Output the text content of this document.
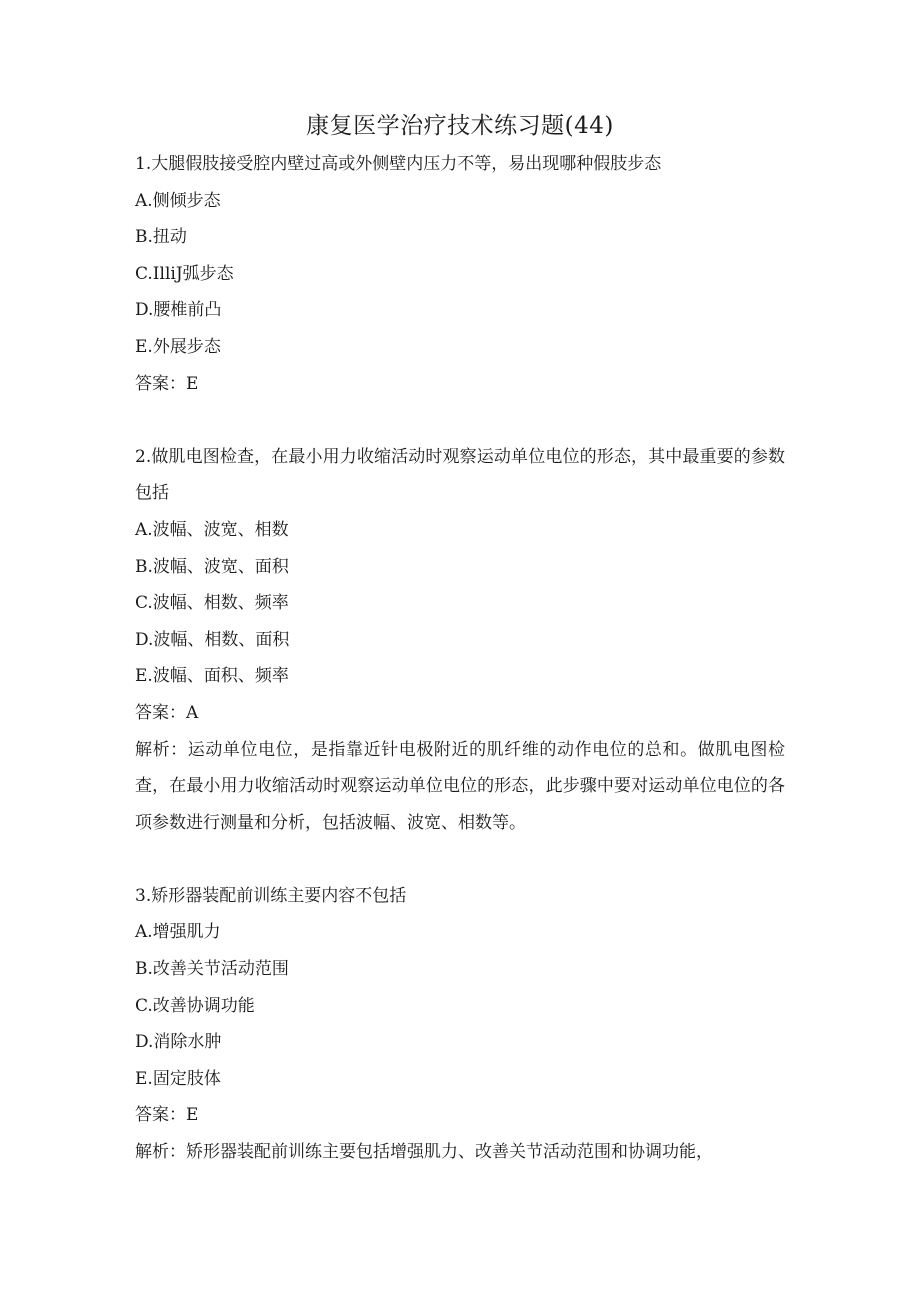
康复医学治疗技术练习题(44)
1.大腿假肢接受腔内壁过高或外侧壁内压力不等，易出现哪种假肢步态
A.侧倾步态
B.扭动
C.IlliJ弧步态
D.腰椎前凸
E.外展步态
答案：E
2.做肌电图检查，在最小用力收缩活动时观察运动单位电位的形态，其中最重要的参数包括
A.波幅、波宽、相数
B.波幅、波宽、面积
C.波幅、相数、频率
D.波幅、相数、面积
E.波幅、面积、频率
答案：A
解析：运动单位电位，是指靠近针电极附近的肌纤维的动作电位的总和。做肌电图检查，在最小用力收缩活动时观察运动单位电位的形态，此步骤中要对运动单位电位的各项参数进行测量和分析，包括波幅、波宽、相数等。
3.矫形器装配前训练主要内容不包括
A.增强肌力
B.改善关节活动范围
C.改善协调功能
D.消除水肿
E.固定肢体
答案：E
解析：矫形器装配前训练主要包括增强肌力、改善关节活动范围和协调功能，
